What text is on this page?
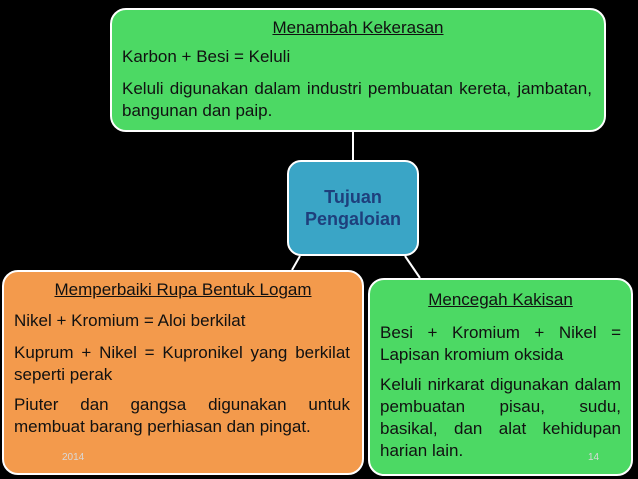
Menambah Kekerasan

Karbon + Besi = Keluli

Keluli digunakan dalam industri pembuatan kereta, jambatan, bangunan dan paip.

Tujuan
Pengaloian
Memperbaiki Rupa Bentuk Logam

Nikel + Kromium = Aloi berkilat

Kuprum + Nikel = Kupronikel yang berkilat seperti perak

Piuter dan gangsa digunakan untuk membuat barang perhiasan dan pingat.

Mencegah Kakisan

Besi + Kromium + Nikel = Lapisan kromium oksida

Keluli nirkarat digunakan dalam pembuatan pisau, sudu, basikal, dan alat kehidupan harian lain.

2014	14
